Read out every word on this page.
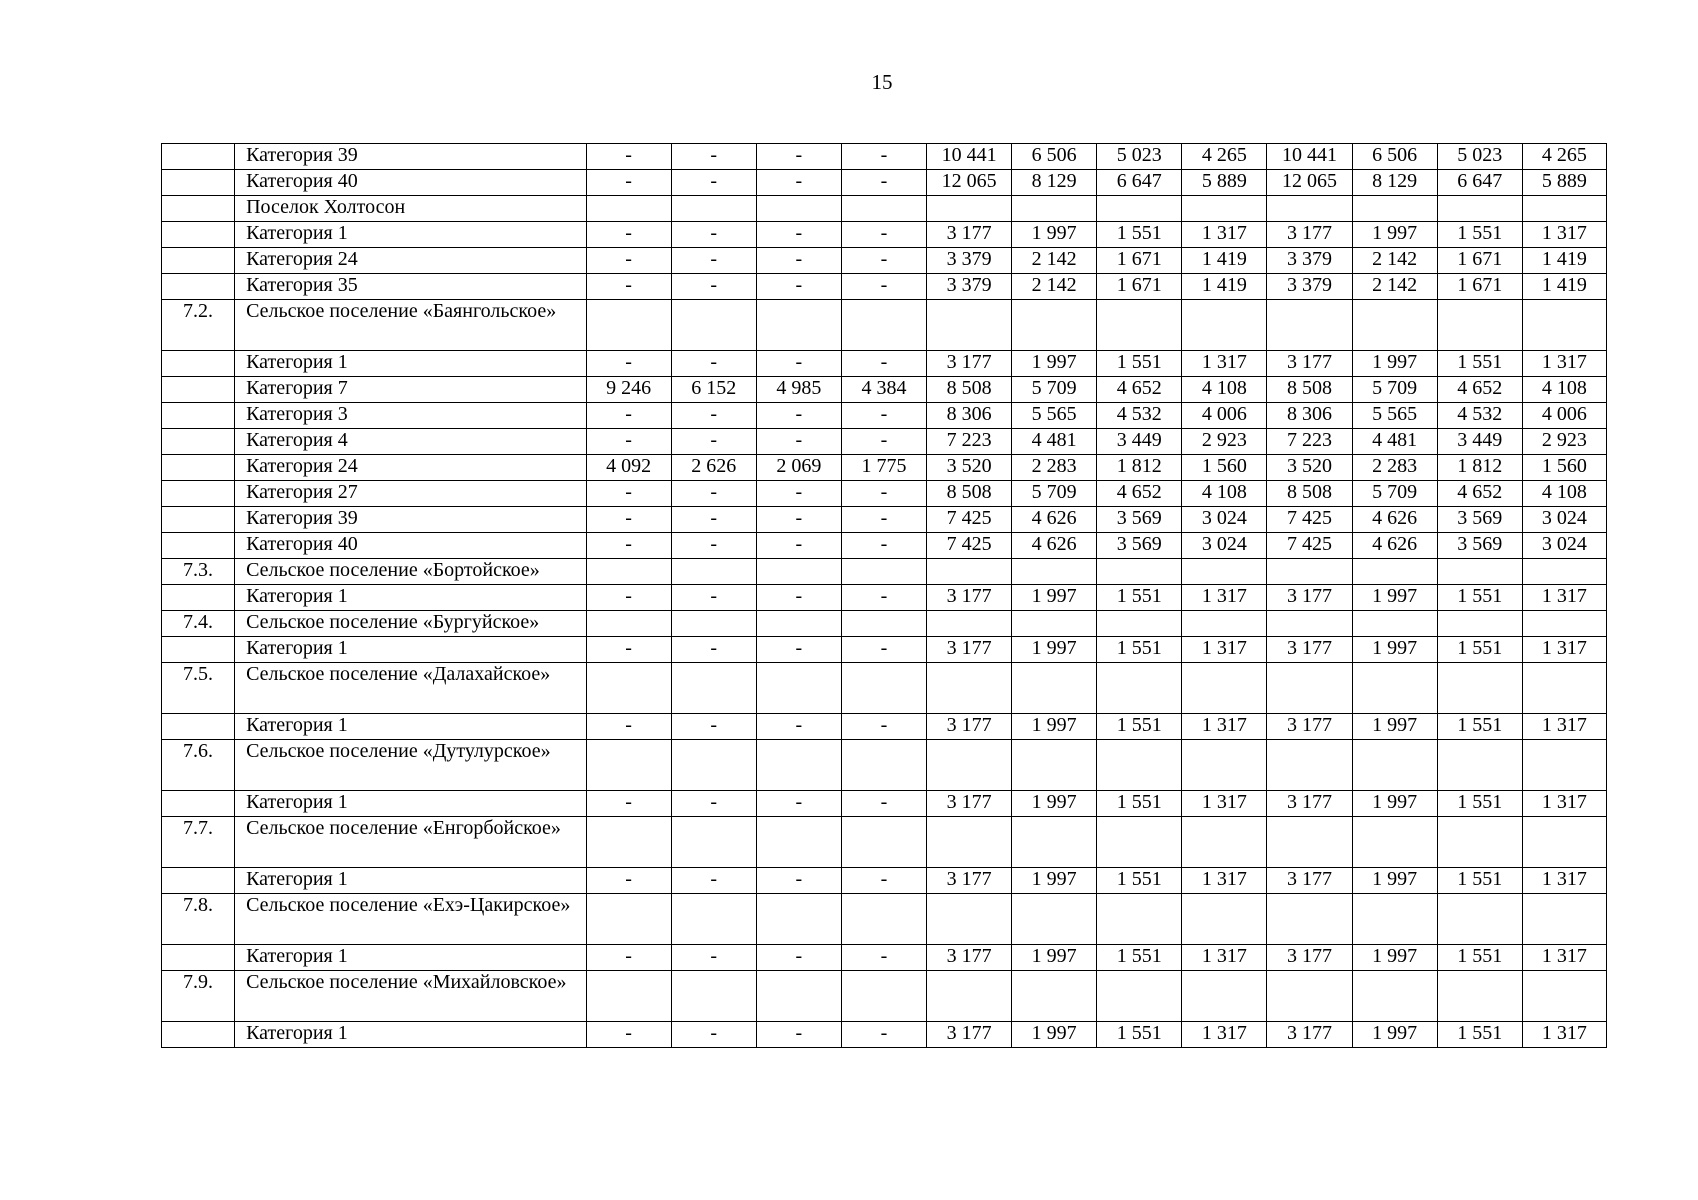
15
	Категория 39	-	-	-	-	10 441	6 506	5 023	4 265	10 441	6 506	5 023	4 265
	Категория 40	-	-	-	-	12 065	8 129	6 647	5 889	12 065	8 129	6 647	5 889
	Поселок Холтосон												
	Категория 1	-	-	-	-	3 177	1 997	1 551	1 317	3 177	1 997	1 551	1 317
	Категория 24	-	-	-	-	3 379	2 142	1 671	1 419	3 379	2 142	1 671	1 419
	Категория 35	-	-	-	-	3 379	2 142	1 671	1 419	3 379	2 142	1 671	1 419
7.2.	Сельское поселение «Баянгольское»												
	Категория 1	-	-	-	-	3 177	1 997	1 551	1 317	3 177	1 997	1 551	1 317
	Категория 7	9 246	6 152	4 985	4 384	8 508	5 709	4 652	4 108	8 508	5 709	4 652	4 108
	Категория 3	-	-	-	-	8 306	5 565	4 532	4 006	8 306	5 565	4 532	4 006
	Категория 4	-	-	-	-	7 223	4 481	3 449	2 923	7 223	4 481	3 449	2 923
	Категория 24	4 092	2 626	2 069	1 775	3 520	2 283	1 812	1 560	3 520	2 283	1 812	1 560
	Категория 27	-	-	-	-	8 508	5 709	4 652	4 108	8 508	5 709	4 652	4 108
	Категория 39	-	-	-	-	7 425	4 626	3 569	3 024	7 425	4 626	3 569	3 024
	Категория 40	-	-	-	-	7 425	4 626	3 569	3 024	7 425	4 626	3 569	3 024
7.3.	Сельское поселение «Бортойское»												
	Категория 1	-	-	-	-	3 177	1 997	1 551	1 317	3 177	1 997	1 551	1 317
7.4.	Сельское поселение «Бургуйское»												
	Категория 1	-	-	-	-	3 177	1 997	1 551	1 317	3 177	1 997	1 551	1 317
7.5.	Сельское поселение «Далахайское»												
	Категория 1	-	-	-	-	3 177	1 997	1 551	1 317	3 177	1 997	1 551	1 317
7.6.	Сельское поселение «Дутулурское»												
	Категория 1	-	-	-	-	3 177	1 997	1 551	1 317	3 177	1 997	1 551	1 317
7.7.	Сельское поселение «Енгорбойское»												
	Категория 1	-	-	-	-	3 177	1 997	1 551	1 317	3 177	1 997	1 551	1 317
7.8.	Сельское поселение «Ехэ-Цакирское»												
	Категория 1	-	-	-	-	3 177	1 997	1 551	1 317	3 177	1 997	1 551	1 317
7.9.	Сельское поселение «Михайловское»												
	Категория 1	-	-	-	-	3 177	1 997	1 551	1 317	3 177	1 997	1 551	1 317
